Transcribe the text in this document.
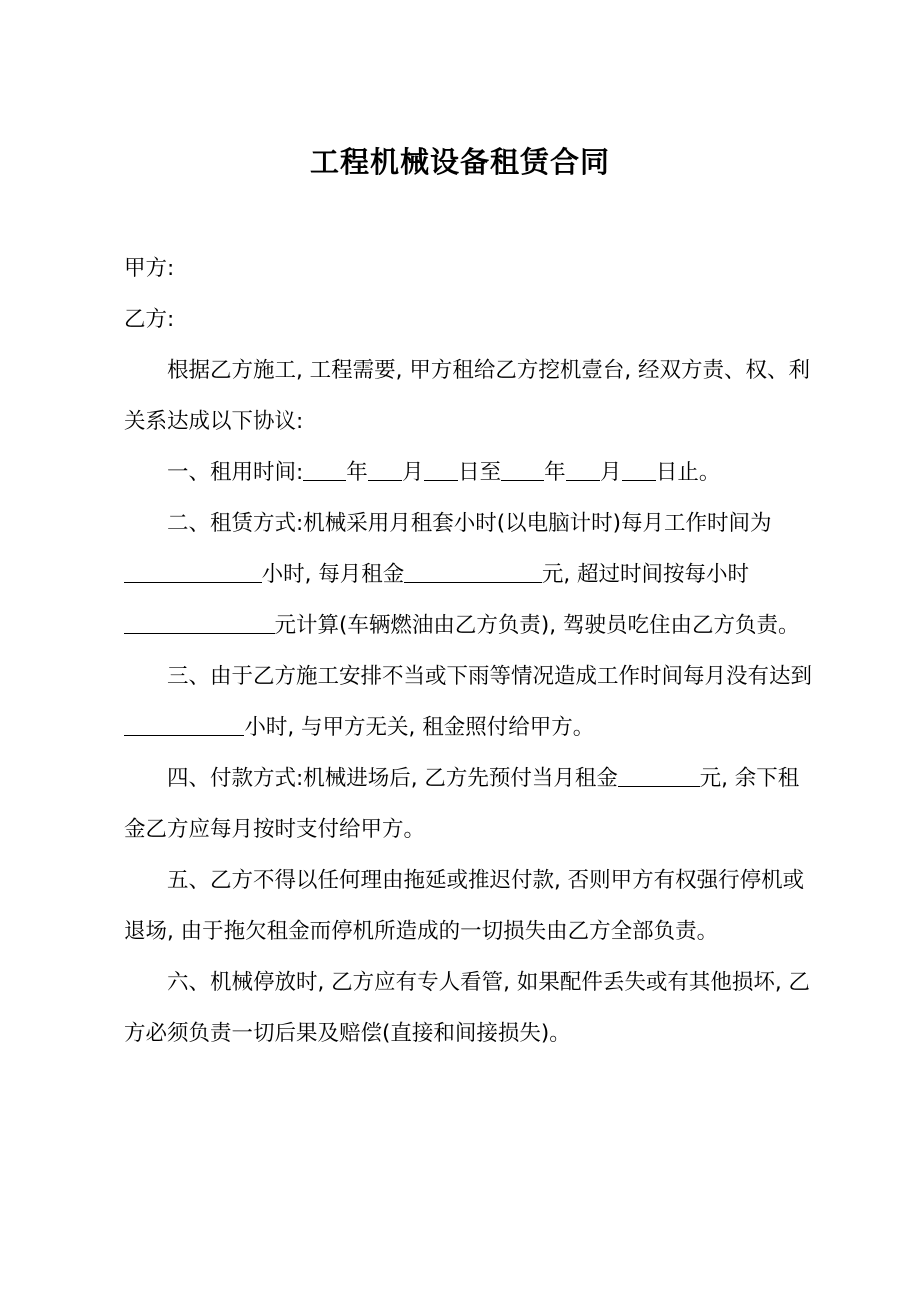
工程机械设备租赁合同

甲方:

乙方:

根据乙方施工, 工程需要, 甲方租给乙方挖机壹台, 经双方责、权、利关系达成以下协议:

一、租用时间: 年 月 日至 年 月 日止。

二、租赁方式:机械采用月租套小时(以电脑计时)每月工作时间为小时, 每月租金	元, 超过时间按每小时元计算(车辆燃油由乙方负责), 驾驶员吃住由乙方负责。

三、由于乙方施工安排不当或下雨等情况造成工作时间每月没有达到小时, 与甲方无关, 租金照付给甲方。

四、付款方式:机械进场后, 乙方先预付当月租金	元, 余下租金乙方应每月按时支付给甲方。

五、乙方不得以任何理由拖延或推迟付款, 否则甲方有权强行停机或退场, 由于拖欠租金而停机所造成的一切损失由乙方全部负责。

六、机械停放时, 乙方应有专人看管, 如果配件丢失或有其他损坏, 乙方必须负责一切后果及赔偿(直接和间接损失)。
